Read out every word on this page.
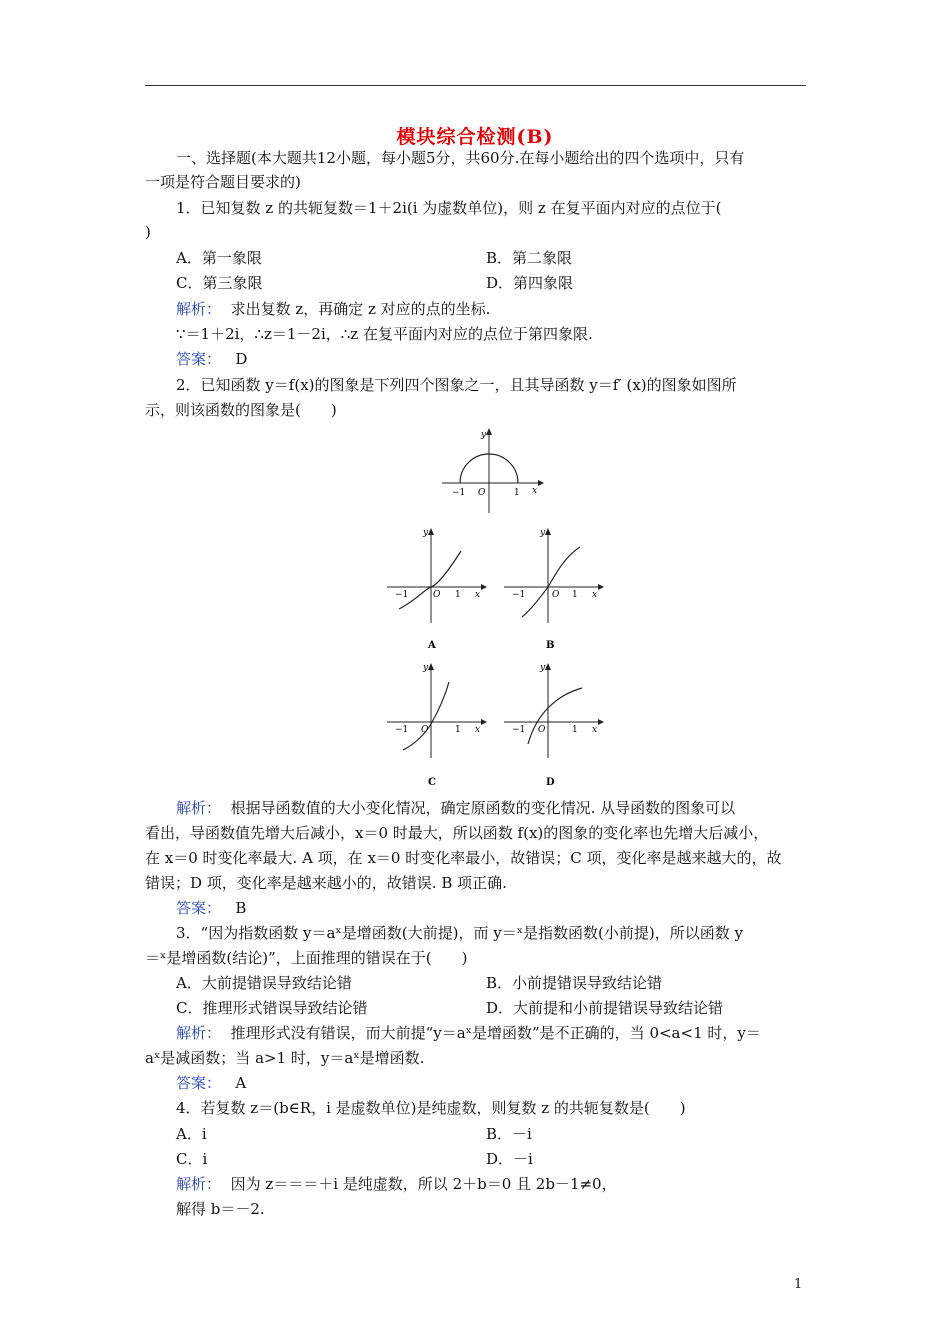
模块综合检测(B)
一、选择题(本大题共12小题，每小题5分，共60分.在每小题给出的四个选项中，只有
一项是符合题目要求的)
1．已知复数 z 的共轭复数＝1＋2i(i 为虚数单位)，则 z 在复平面内对应的点位于(
)
A．第一象限	B．第二象限
C．第三象限	D．第四象限
解析： 求出复数 z，再确定 z 对应的点的坐标.
∵＝1＋2i，∴z＝1－2i，∴z 在复平面内对应的点位于第四象限.
答案： D
2．已知函数 y＝f(x)的图象是下列四个图象之一，且其导函数 y＝f′ (x)的图象如图所
示，则该函数的图象是(　　)
y
x
O
−1	1
y
x
O
−1	1
A
y
x
O
−1	1
B
y
x
O
−1	1
C
y
x
O
−1	1
D
解析： 根据导函数值的大小变化情况，确定原函数的变化情况. 从导函数的图象可以
看出，导函数值先增大后减小，x＝0 时最大，所以函数 f(x)的图象的变化率也先增大后减小，
在 x＝0 时变化率最大. A 项，在 x＝0 时变化率最小，故错误；C 项，变化率是越来越大的，故
错误；D 项，变化率是越来越小的，故错误. B 项正确.
答案： B
3．“因为指数函数 y＝aˣ是增函数(大前提)，而 y＝ˣ是指数函数(小前提)，所以函数 y
＝ˣ是增函数(结论)”，上面推理的错误在于(　　)
A．大前提错误导致结论错	B．小前提错误导致结论错
C．推理形式错误导致结论错	D．大前提和小前提错误导致结论错
解析： 推理形式没有错误，而大前提“y＝aˣ是增函数”是不正确的，当 0<a<1 时，y＝
aˣ是减函数；当 a>1 时，y＝aˣ是增函数.
答案： A
4．若复数 z＝(b∈R，i 是虚数单位)是纯虚数，则复数 z 的共轭复数是(　　)
A．i	B．－i
C．i	D．－i
解析： 因为 z＝＝＝＋i 是纯虚数，所以 2＋b＝0 且 2b－1≠0，
解得 b＝－2.
1
